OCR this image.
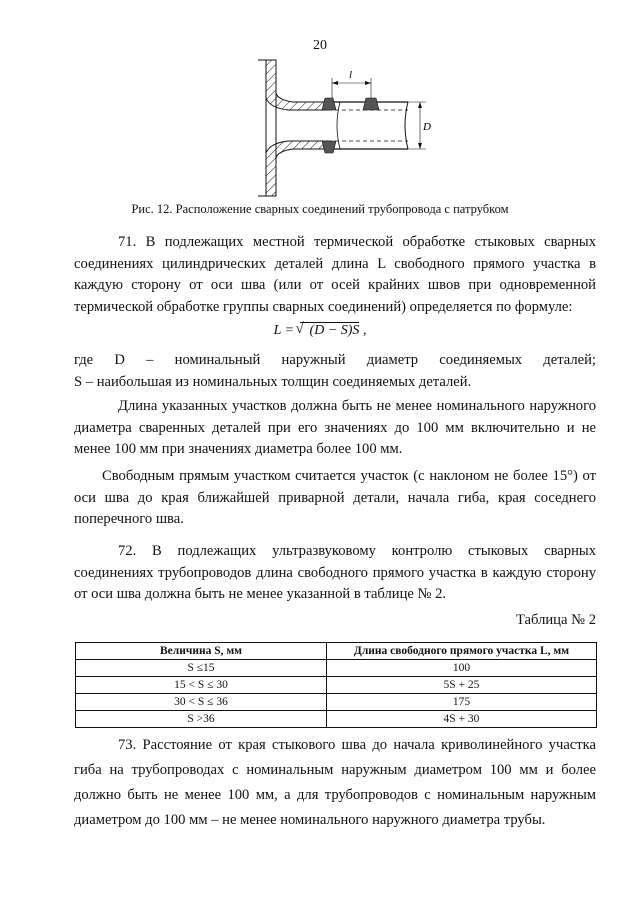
20
l
D
Рис. 12. Расположение сварных соединений трубопровода с патрубком

71. В подлежащих местной термической обработке стыковых сварных соединениях цилиндрических деталей длина L свободного прямого участка в каждую сторону от оси шва (или от осей крайних швов при одновременной термической обработке группы сварных соединений) определяется по формуле:

L = √ (D − S)S ,

где D – номинальный наружный диаметр соединяемых деталей;

S – наибольшая из номинальных толщин соединяемых деталей.

Длина указанных участков должна быть не менее номинального наружного диаметра сваренных деталей при его значениях до 100 мм включительно и не менее 100 мм при значениях диаметра более 100 мм.

Свободным прямым участком считается участок (с наклоном не более 15°) от оси шва до края ближайшей приварной детали, начала гиба, края соседнего поперечного шва.

72. В подлежащих ультразвуковому контролю стыковых сварных соединениях трубопроводов длина свободного прямого участка в каждую сторону от оси шва должна быть не менее указанной в таблице № 2.

Таблица № 2
Величина S, мм	Длина свободного прямого участка L, мм
S ≤15	100
15 < S ≤ 30	5S + 25
30 < S ≤ 36	175
S >36	4S + 30

73. Расстояние от края стыкового шва до начала криволинейного участка гиба на трубопроводах с номинальным наружным диаметром 100 мм и более должно быть не менее 100 мм, а для трубопроводов с номинальным наружным диаметром до 100 мм – не менее номинального наружного диаметра трубы.
